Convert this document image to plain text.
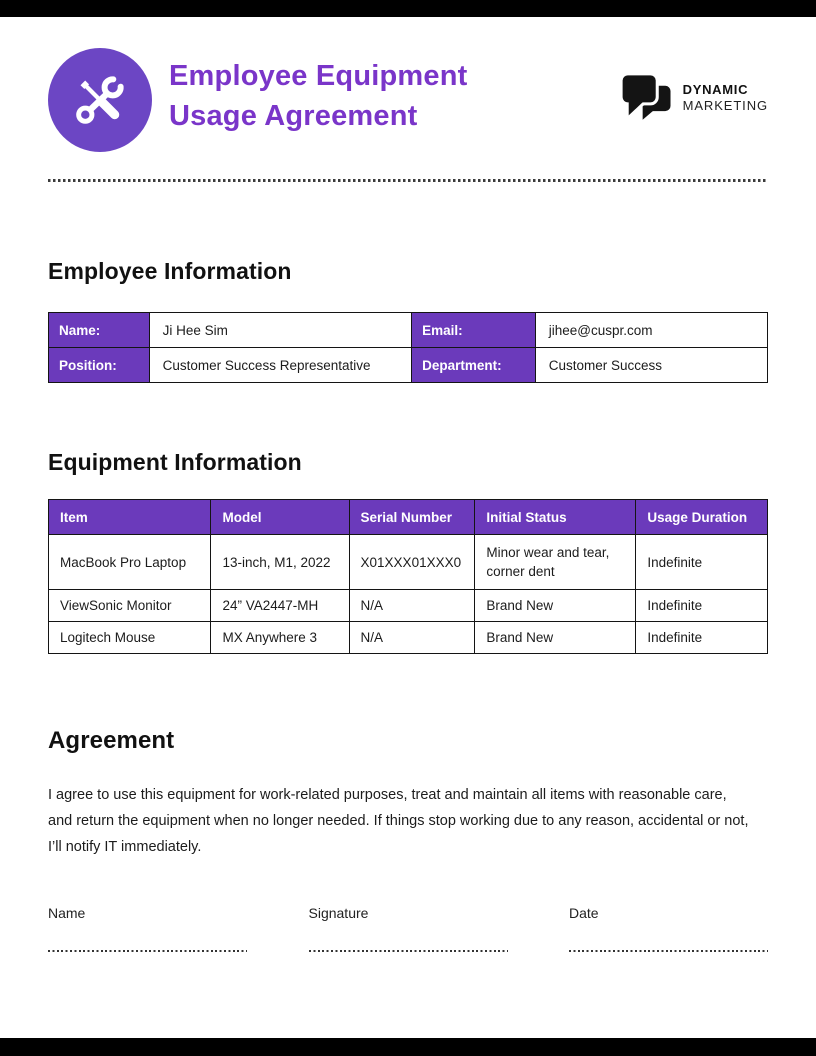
Employee Equipment
Usage Agreement
DYNAMIC
MARKETING
Employee Information
Name:	Ji Hee Sim	Email:	jihee@cuspr.com
Position:	Customer Success Representative	Department:	Customer Success
Equipment Information
Item	Model	Serial Number	Initial Status	Usage Duration
MacBook Pro Laptop	13-inch, M1, 2022	X01XXX01XXX0	Minor wear and tear, corner dent	Indefinite
ViewSonic Monitor	24” VA2447-MH	N/A	Brand New	Indefinite
Logitech Mouse	MX Anywhere 3	N/A	Brand New	Indefinite
Agreement

I agree to use this equipment for work-related purposes, treat and maintain all items with reasonable care, and return the equipment when no longer needed. If things stop working due to any reason, accidental or not, I’ll notify IT immediately.

Name	Signature	Date
